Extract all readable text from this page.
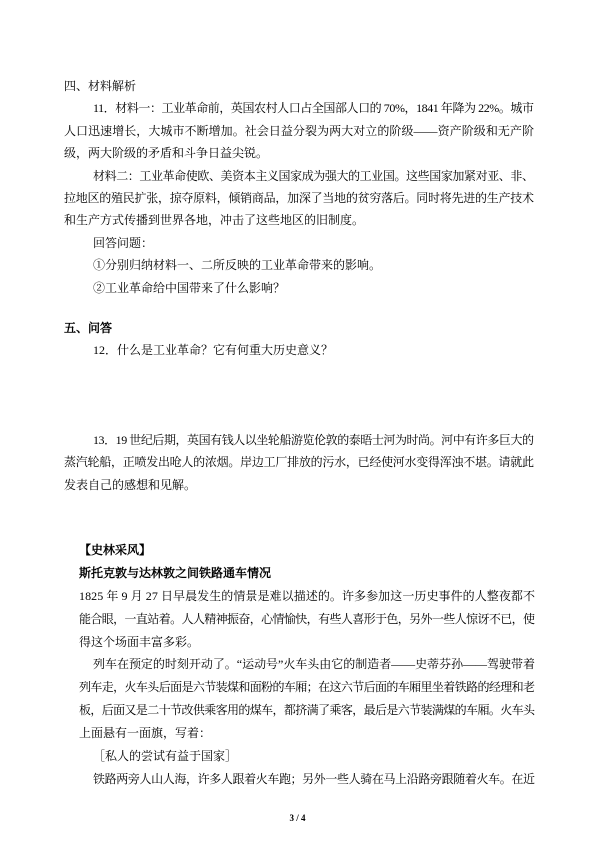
四、材料解析
11．材料一：工业革命前，英国农村人口占全国部人口的 70%，1841 年降为 22%。城市
人口迅速增长，大城市不断增加。社会日益分裂为两大对立的阶级——资产阶级和无产阶
级，两大阶级的矛盾和斗争日益尖锐。
材料二：工业革命使欧、美资本主义国家成为强大的工业国。这些国家加紧对亚、非、
拉地区的殖民扩张，掠夺原料，倾销商品，加深了当地的贫穷落后。同时将先进的生产技术
和生产方式传播到世界各地，冲击了这些地区的旧制度。
回答问题：
①分别归纳材料一、二所反映的工业革命带来的影响。
②工业革命给中国带来了什么影响？
五、问答
12．什么是工业革命？它有何重大历史意义？
13．19 世纪后期，英国有钱人以坐轮船游览伦敦的泰晤士河为时尚。河中有许多巨大的
蒸汽轮船，正喷发出呛人的浓烟。岸边工厂排放的污水，已经使河水变得浑浊不堪。请就此
发表自己的感想和见解。
【史林采风】
斯托克敦与达林敦之间铁路通车情况
1825 年 9 月 27 日早晨发生的情景是难以描述的。许多参加这一历史事件的人整夜都不
能合眼，一直站着。人人精神振奋，心情愉快，有些人喜形于色，另外一些人惊讶不已，使
得这个场面丰富多彩。
列车在预定的时刻开动了。“运动号”火车头由它的制造者——史蒂芬孙——驾驶带着
列车走，火车头后面是六节装煤和面粉的车厢；在这六节后面的车厢里坐着铁路的经理和老
板，后面又是二十节改供乘客用的煤车，都挤满了乘客，最后是六节装满煤的车厢。火车头
上面悬有一面旗，写着：
［私人的尝试有益于国家］
铁路两旁人山人海，许多人跟着火车跑；另外一些人骑在马上沿路旁跟随着火车。在近
3 / 4
